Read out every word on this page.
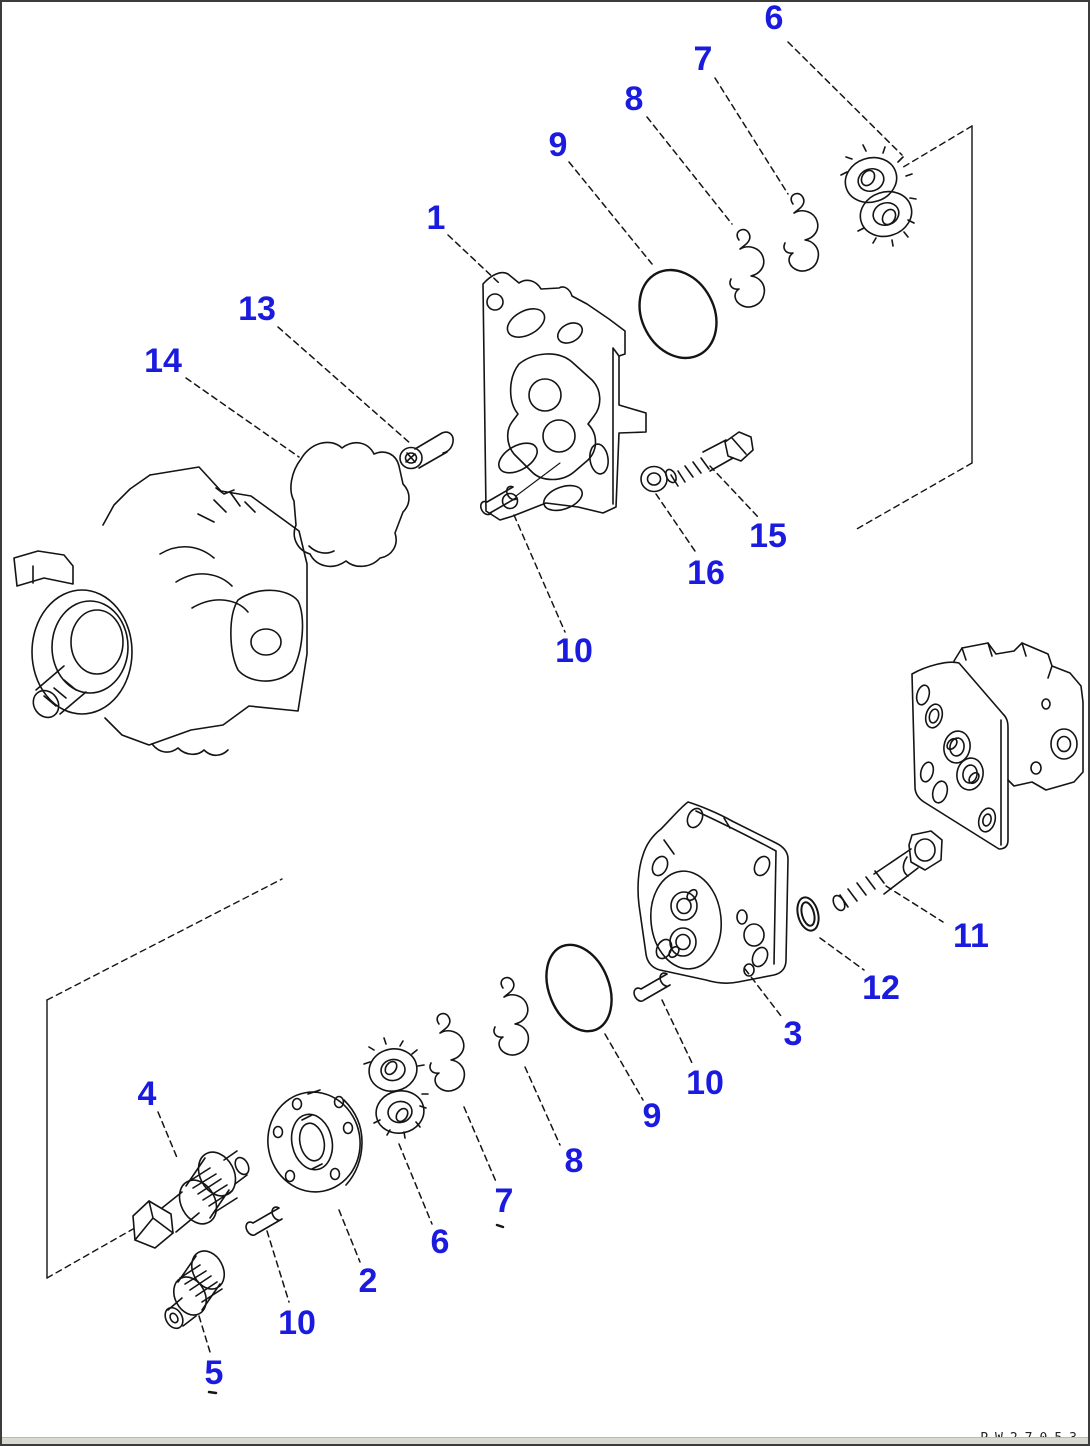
6
7
8
9
1
13
14
15
16
10
11
12
3
10
9
8
7
6
2
10
4
5
